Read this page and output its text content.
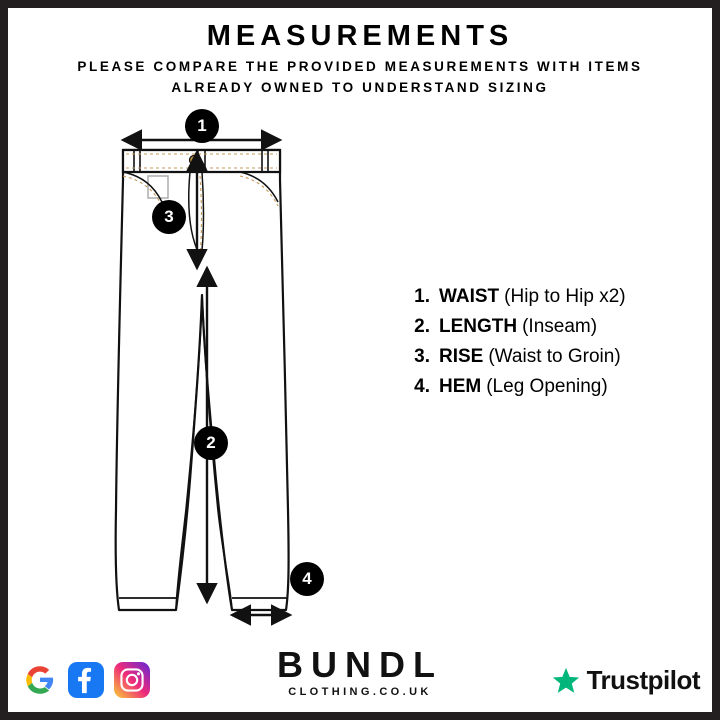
MEASUREMENTS
PLEASE COMPARE THE PROVIDED MEASUREMENTS WITH ITEMS ALREADY OWNED TO UNDERSTAND SIZING
1
2
3
4
1. WAIST (Hip to Hip x2)
2. LENGTH (Inseam)
3. RISE (Waist to Groin)
4. HEM (Leg Opening)
BUNDL
CLOTHING.CO.UK	Trustpilot
